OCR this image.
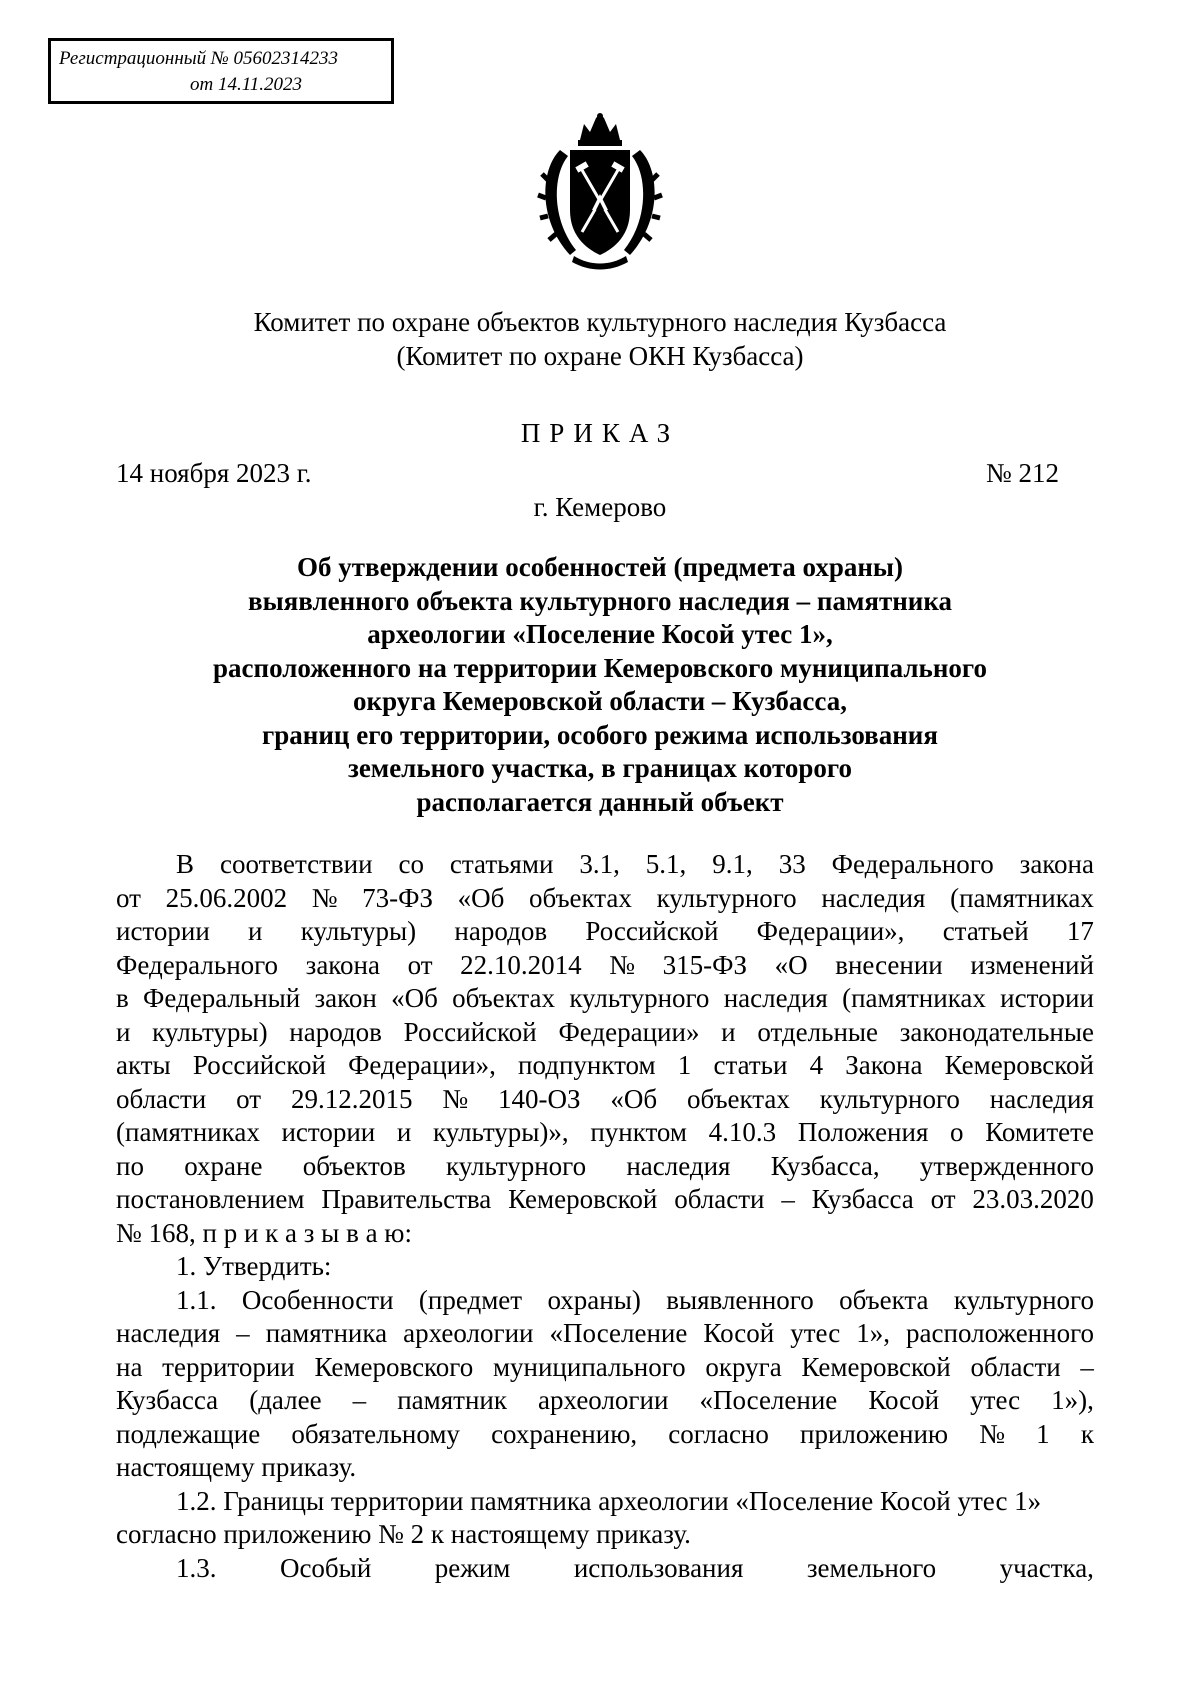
Регистрационный № 05602314233
от 14.11.2023
Комитет по охране объектов культурного наследия Кузбасса
(Комитет по охране ОКН Кузбасса)
ПРИКАЗ
14 ноября 2023 г.	№ 212
г. Кемерово
Об утверждении особенностей (предмета охраны)
выявленного объекта культурного наследия – памятника
археологии «Поселение Косой утес 1»,
расположенного на территории Кемеровского муниципального
округа Кемеровской области – Кузбасса,
границ его территории, особого режима использования
земельного участка, в границах которого
располагается данный объект
В соответствии со статьями 3.1, 5.1, 9.1, 33 Федерального закона
от 25.06.2002 № 73-ФЗ «Об объектах культурного наследия (памятниках
истории и культуры) народов Российской Федерации», статьей 17
Федерального закона от 22.10.2014 № 315-ФЗ «О внесении изменений
в Федеральный закон «Об объектах культурного наследия (памятниках истории
и культуры) народов Российской Федерации» и отдельные законодательные
акты Российской Федерации», подпунктом 1 статьи 4 Закона Кемеровской
области от 29.12.2015 № 140-ОЗ «Об объектах культурного наследия
(памятниках истории и культуры)», пунктом 4.10.3 Положения о Комитете
по охране объектов культурного наследия Кузбасса, утвержденного
постановлением Правительства Кемеровской области – Кузбасса от 23.03.2020
№ 168, п р и к а з ы в а ю:
1. Утвердить:
1.1. Особенности (предмет охраны) выявленного объекта культурного
наследия – памятника археологии «Поселение Косой утес 1», расположенного
на территории Кемеровского муниципального округа Кемеровской области –
Кузбасса (далее – памятник археологии «Поселение Косой утес 1»),
подлежащие обязательному сохранению, согласно приложению № 1 к
настоящему приказу.
1.2. Границы территории памятника археологии «Поселение Косой утес 1»
согласно приложению № 2 к настоящему приказу.
1.3. Особый режим использования земельного участка,
